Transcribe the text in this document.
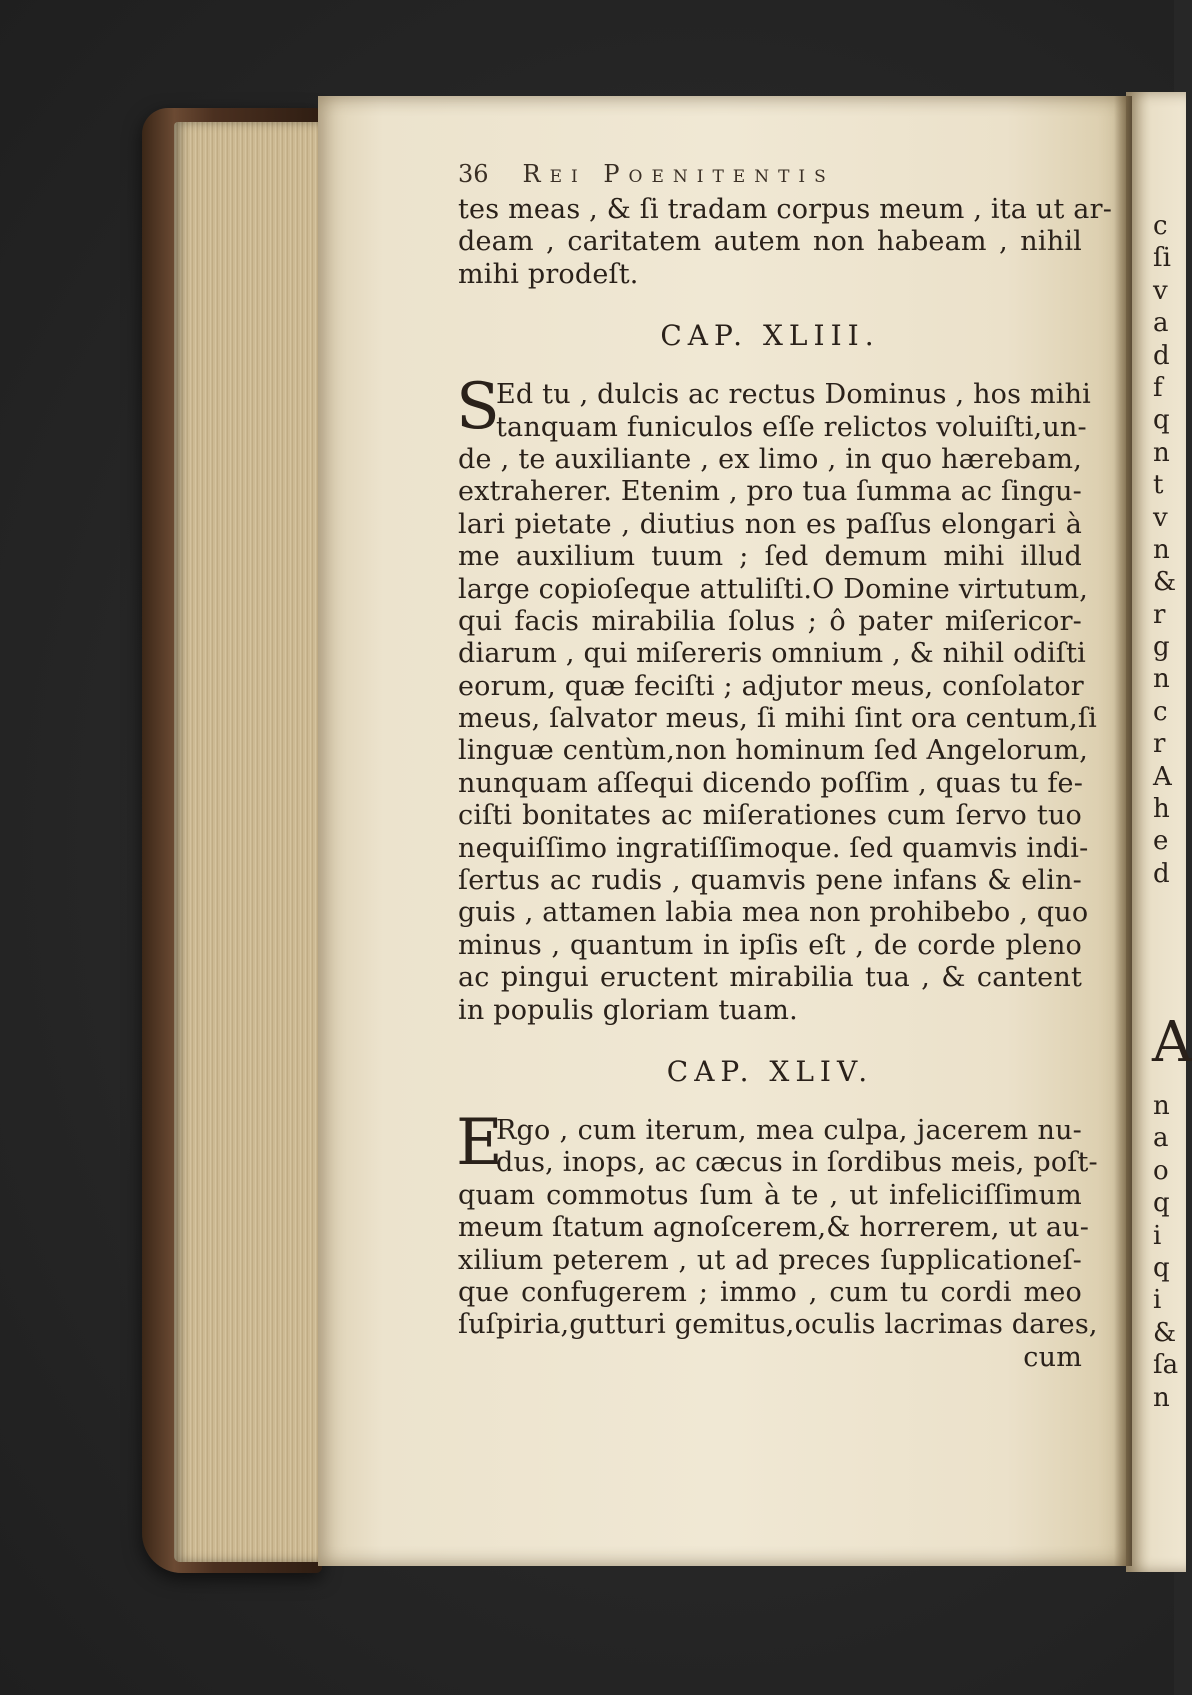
36 Rei Poenitentis
tes meas , & ſi tradam corpus meum , ita ut ar-
deam , caritatem autem non habeam , nihil
mihi prodeſt.
CAP. XLIII.
S
Ed tu , dulcis ac rectus Dominus , hos mihi
tanquam funiculos eſſe relictos voluiſti,un-
de , te auxiliante , ex limo , in quo hærebam,
extraherer. Etenim , pro tua ſumma ac ſingu-
lari pietate , diutius non es paſſus elongari à
me auxilium tuum ; ſed demum mihi illud
large copioſeque attuliſti.O Domine virtutum,
qui facis mirabilia ſolus ; ô pater miſericor-
diarum , qui miſereris omnium , & nihil odiſti
eorum, quæ feciſti ; adjutor meus, conſolator
meus, ſalvator meus, ſi mihi ſint ora centum,ſi
linguæ centùm,non hominum ſed Angelorum,
nunquam aſſequi dicendo poſſim , quas tu fe-
ciſti bonitates ac miſerationes cum ſervo tuo
nequiſſimo ingratiſſimoque. ſed quamvis indi-
ſertus ac rudis , quamvis pene infans & elin-
guis , attamen labia mea non prohibebo , quo
minus , quantum in ipſis eſt , de corde pleno
ac pingui eructent mirabilia tua , & cantent
in populis gloriam tuam.
CAP. XLIV.
E
Rgo , cum iterum, mea culpa, jacerem nu-
dus, inops, ac cæcus in ſordibus meis, poſt-
quam commotus ſum à te , ut infeliciſſimum
meum ſtatum agnoſcerem,& horrerem, ut au-
xilium peterem , ut ad preces ſupplicationeſ-
que confugerem ; immo , cum tu cordi meo
ſuſpiria,gutturi gemitus,oculis lacrimas dares,
cum
c
ſi
v
a
d
f
q
n
t
v
n
&
r
g
n
c
r
A
h
e
d
A
n
a
o
q
i
q
i
&
ſa
n
